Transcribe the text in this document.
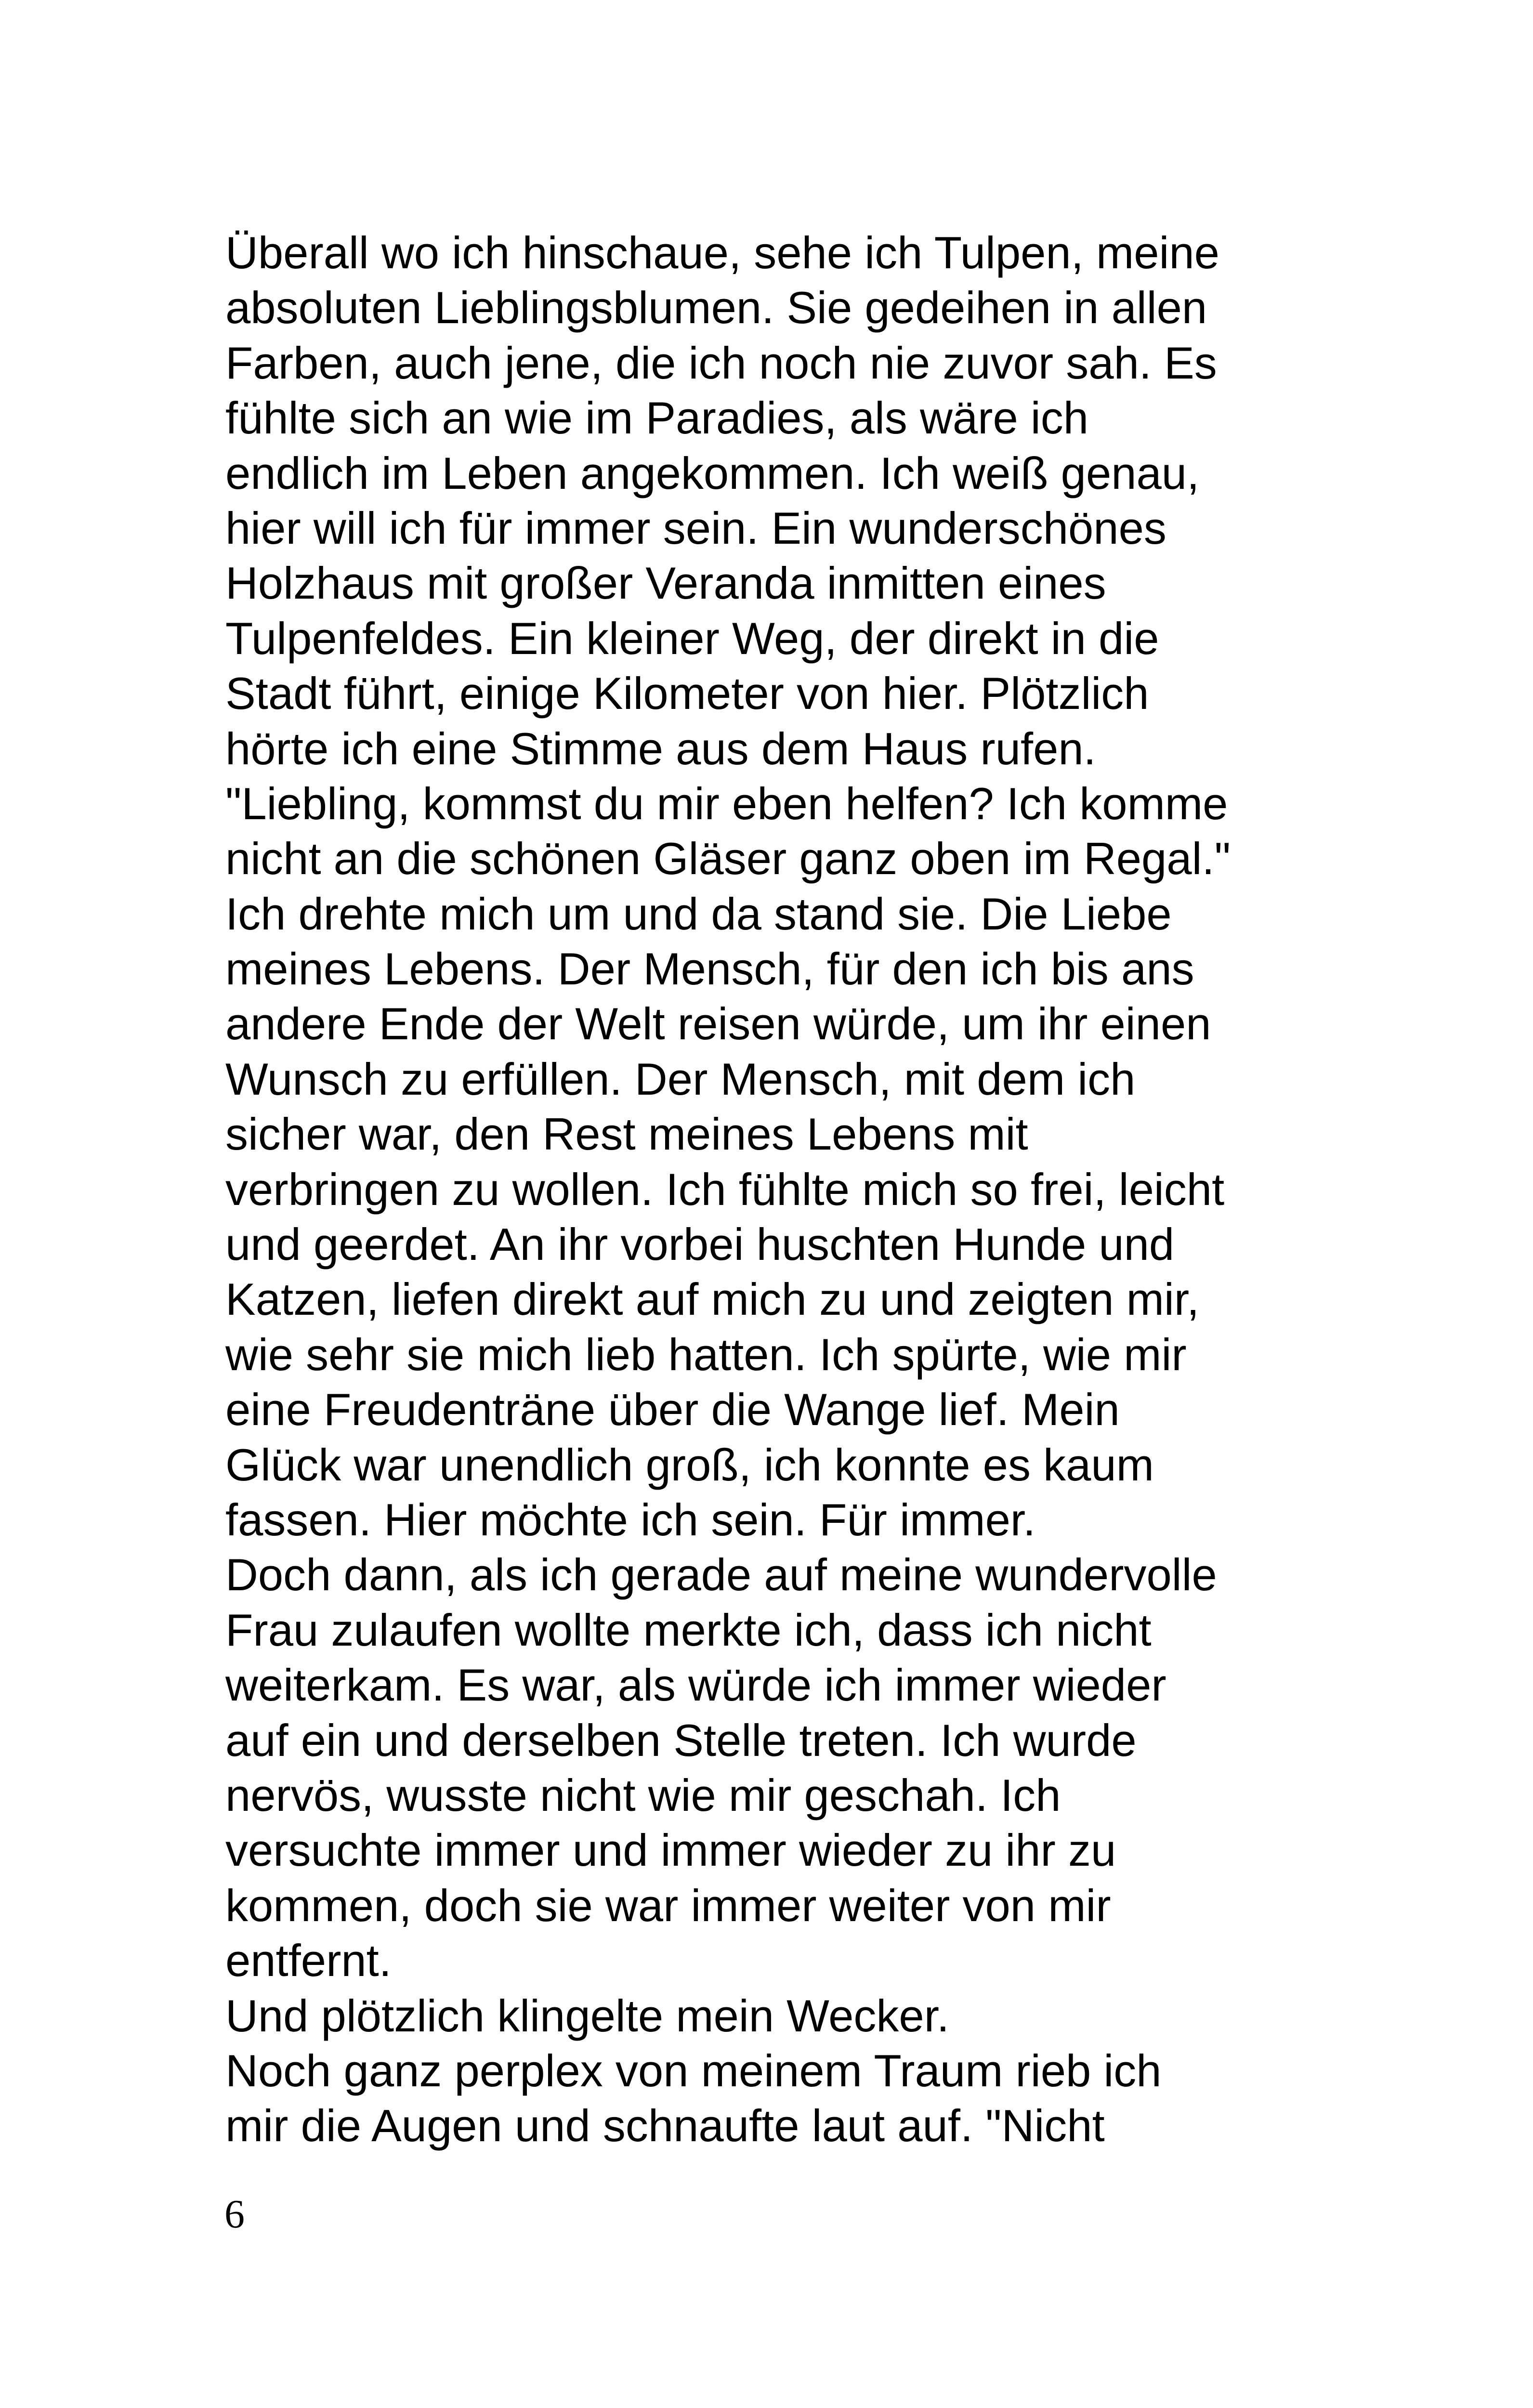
Überall wo ich hinschaue, sehe ich Tulpen, meine
absoluten Lieblingsblumen. Sie gedeihen in allen
Farben, auch jene, die ich noch nie zuvor sah. Es
fühlte sich an wie im Paradies, als wäre ich
endlich im Leben angekommen. Ich weiß genau,
hier will ich für immer sein. Ein wunderschönes
Holzhaus mit großer Veranda inmitten eines
Tulpenfeldes. Ein kleiner Weg, der direkt in die
Stadt führt, einige Kilometer von hier. Plötzlich
hörte ich eine Stimme aus dem Haus rufen.
"Liebling, kommst du mir eben helfen? Ich komme
nicht an die schönen Gläser ganz oben im Regal."
Ich drehte mich um und da stand sie. Die Liebe
meines Lebens. Der Mensch, für den ich bis ans
andere Ende der Welt reisen würde, um ihr einen
Wunsch zu erfüllen. Der Mensch, mit dem ich
sicher war, den Rest meines Lebens mit
verbringen zu wollen. Ich fühlte mich so frei, leicht
und geerdet. An ihr vorbei huschten Hunde und
Katzen, liefen direkt auf mich zu und zeigten mir,
wie sehr sie mich lieb hatten. Ich spürte, wie mir
eine Freudenträne über die Wange lief. Mein
Glück war unendlich groß, ich konnte es kaum
fassen. Hier möchte ich sein. Für immer.
Doch dann, als ich gerade auf meine wundervolle
Frau zulaufen wollte merkte ich, dass ich nicht
weiterkam. Es war, als würde ich immer wieder
auf ein und derselben Stelle treten. Ich wurde
nervös, wusste nicht wie mir geschah. Ich
versuchte immer und immer wieder zu ihr zu
kommen, doch sie war immer weiter von mir
entfernt.
Und plötzlich klingelte mein Wecker.
Noch ganz perplex von meinem Traum rieb ich
mir die Augen und schnaufte laut auf. "Nicht
6
